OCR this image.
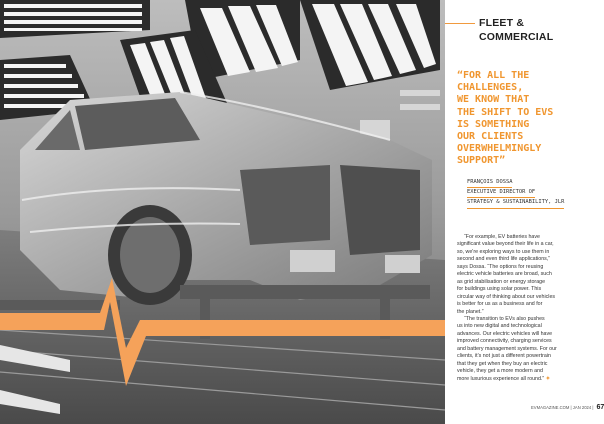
FLEET & COMMERCIAL
“FOR ALL THE
CHALLENGES,
WE KNOW THAT
THE SHIFT TO EVS
IS SOMETHING
OUR CLIENTS
OVERWHELMINGLY
SUPPORT”
FRANÇOIS DOSSA
EXECUTIVE DIRECTOR OF
STRATEGY & SUSTAINABILITY, JLR
“For example, EV batteries have
significant value beyond their life in a car,
so, we're exploring ways to use them in
second and even third life applications,”
says Dossa. “The options for reusing
electric vehicle batteries are broad, such
as grid stabilisation or energy storage
for buildings using solar power. This
circular way of thinking about our vehicles
is better for us as a business and for
the planet.”
“The transition to EVs also pushes
us into new digital and technological
advances. Our electric vehicles will have
improved connectivity, charging services
and battery management systems. For our
clients, it's not just a different powertrain
that they get when they buy an electric
vehicle, they get a more modern and
more luxurious experience all round.” ✦
EVMAGAZINE.COM | JAN 2024 | 67
